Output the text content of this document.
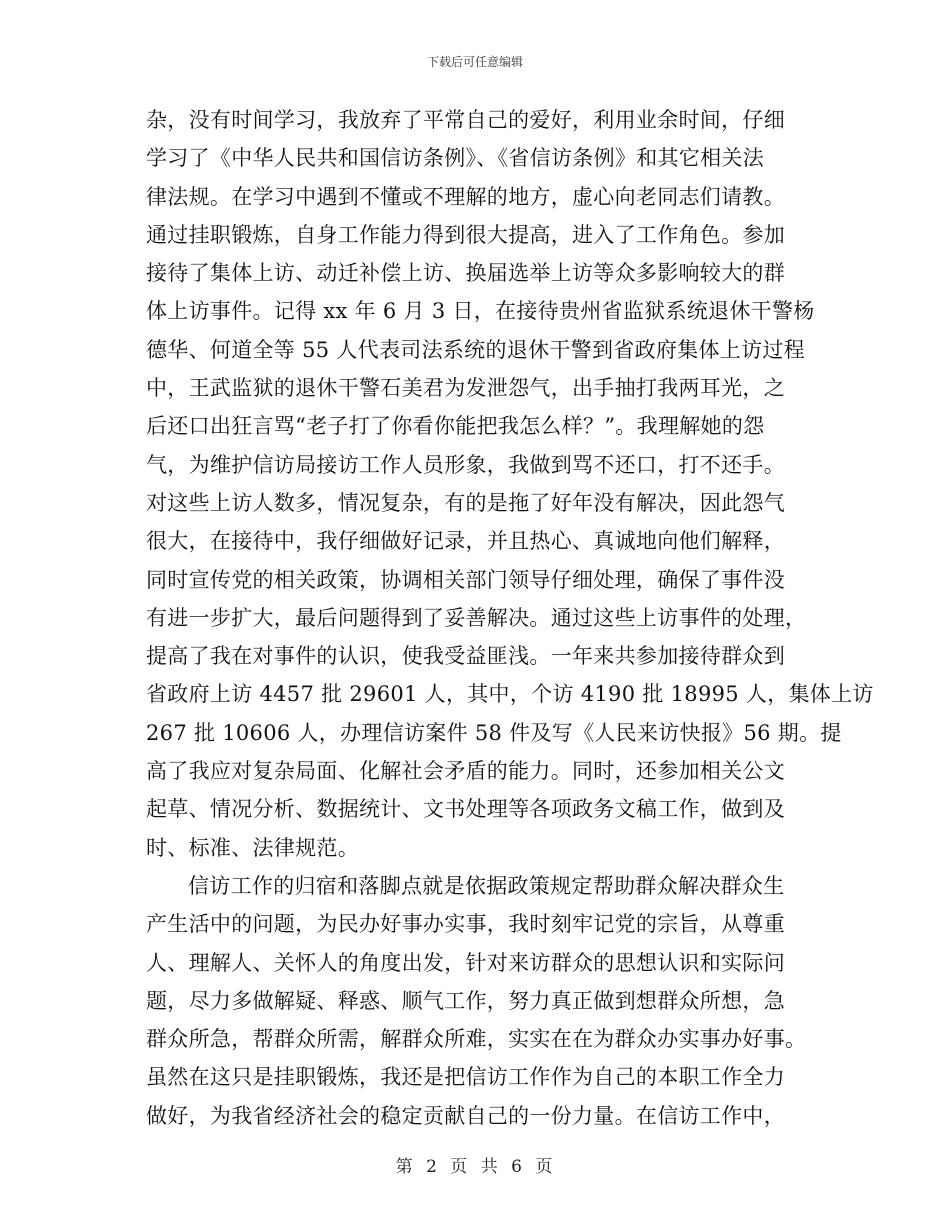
下载后可任意编辑
杂，没有时间学习，我放弃了平常自己的爱好，利用业余时间，仔细
学习了《中华人民共和国信访条例》、《省信访条例》和其它相关法
律法规。在学习中遇到不懂或不理解的地方，虚心向老同志们请教。
通过挂职锻炼，自身工作能力得到很大提高，进入了工作角色。参加
接待了集体上访、动迁补偿上访、换届选举上访等众多影响较大的群
体上访事件。记得 xx 年 6 月 3 日，在接待贵州省监狱系统退休干警杨
德华、何道全等 55 人代表司法系统的退休干警到省政府集体上访过程
中，王武监狱的退休干警石美君为发泄怨气，出手抽打我两耳光，之
后还口出狂言骂“老子打了你看你能把我怎么样？”。我理解她的怨
气，为维护信访局接访工作人员形象，我做到骂不还口，打不还手。
对这些上访人数多，情况复杂，有的是拖了好年没有解决，因此怨气
很大，在接待中，我仔细做好记录，并且热心、真诚地向他们解释，
同时宣传党的相关政策，协调相关部门领导仔细处理，确保了事件没
有进一步扩大，最后问题得到了妥善解决。通过这些上访事件的处理，
提高了我在对事件的认识，使我受益匪浅。一年来共参加接待群众到
省政府上访 4457 批 29601 人，其中，个访 4190 批 18995 人，集体上访
267 批 10606 人，办理信访案件 58 件及写《人民来访快报》56 期。提
高了我应对复杂局面、化解社会矛盾的能力。同时，还参加相关公文
起草、情况分析、数据统计、文书处理等各项政务文稿工作，做到及
时、标准、法律规范。
信访工作的归宿和落脚点就是依据政策规定帮助群众解决群众生
产生活中的问题，为民办好事办实事，我时刻牢记党的宗旨，从尊重
人、理解人、关怀人的角度出发，针对来访群众的思想认识和实际问
题，尽力多做解疑、释惑、顺气工作，努力真正做到想群众所想，急
群众所急，帮群众所需，解群众所难，实实在在为群众办实事办好事。
虽然在这只是挂职锻炼，我还是把信访工作作为自己的本职工作全力
做好，为我省经济社会的稳定贡献自己的一份力量。在信访工作中，
第 2 页 共 6 页
